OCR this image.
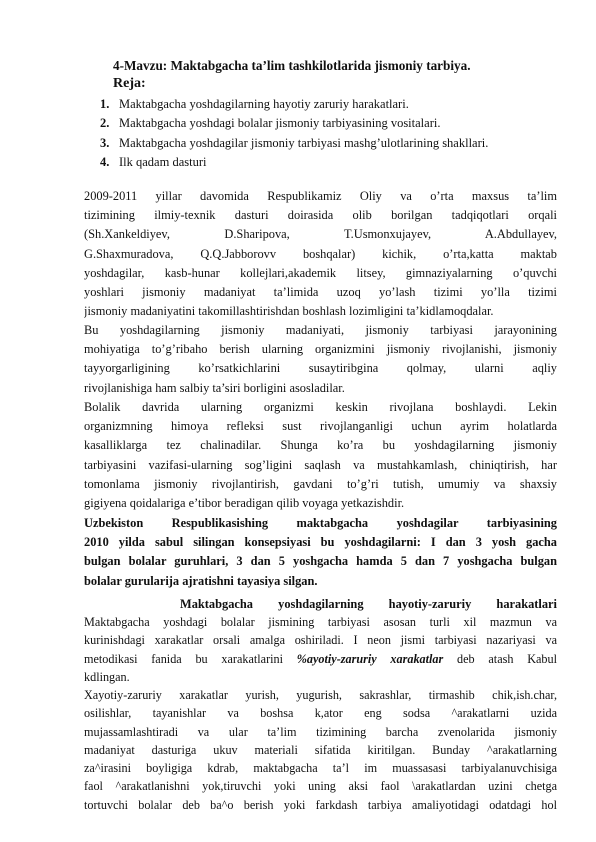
4-Mavzu: Maktabgacha ta’lim tashkilotlarida jismoniy tarbiya.
Reja:
1. Maktabgacha yoshdagilarning hayotiy zaruriy harakatlari.
2. Maktabgacha yoshdagi bolalar jismoniy tarbiyasining vositalari.
3. Maktabgacha yoshdagilar jismoniy tarbiyasi mashg’ulotlarining shakllari.
4. Ilk qadam dasturi
2009-2011 yillar davomida Respublikamiz Oliy va o’rta maxsus ta’lim
tizimining ilmiy-texnik dasturi doirasida olib borilgan tadqiqotlari orqali
(Sh.Xankeldiyev, D.Sharipova, T.Usmonxujayev, A.Abdullayev,
G.Shaxmuradova, Q.Q.Jabborovv boshqalar) kichik, o’rta,katta maktab
yoshdagilar, kasb-hunar kollejlari,akademik litsey, gimnaziyalarning o’quvchi
yoshlari jismoniy madaniyat ta’limida uzoq yo’lash tizimi yo’lla tizimi
jismoniy madaniyatini takomillashtirishdan boshlash lozimligini ta’kidlamoqdalar.
Bu yoshdagilarning jismoniy madaniyati, jismoniy tarbiyasi jarayonining
mohiyatiga to’g’ribaho berish ularning organizmini jismoniy rivojlanishi, jismoniy
tayyorgarligining ko’rsatkichlarini susaytiribgina qolmay, ularni aqliy
rivojlanishiga ham salbiy ta’siri borligini asosladilar.
Bolalik davrida ularning organizmi keskin rivojlana boshlaydi. Lekin
organizmning himoya refleksi sust rivojlanganligi uchun ayrim holatlarda
kasalliklarga tez chalinadilar. Shunga ko’ra bu yoshdagilarning jismoniy
tarbiyasini vazifasi-ularning sog’ligini saqlash va mustahkamlash, chiniqtirish, har
tomonlama jismoniy rivojlantirish, gavdani to’g’ri tutish, umumiy va shaxsiy
gigiyena qoidalariga e’tibor beradigan qilib voyaga yetkazishdir.
Uzbekiston Respublikasishing maktabgacha yoshdagilar tarbiyasining
2010 yilda sabul silingan konsepsiyasi bu yoshdagilarni: I dan 3 yosh gacha
bulgan bolalar guruhlari, 3 dan 5 yoshgacha hamda 5 dan 7 yoshgacha bulgan
bolalar gurularija ajratishni tayasiya silgan.
Maktabgacha yoshdagilarning hayotiy-zaruriy harakatlari
Maktabgacha yoshdagi bolalar jismining tarbiyasi asosan turli xil mazmun va
kurinishdagi xarakatlar orsali amalga oshiriladi. I neon jismi tarbiyasi nazariyasi va
metodikasi fanida bu xarakatlarini %ayotiy-zaruriy xarakatlar deb atash Kabul
kdlingan.
Xayotiy-zaruriy xarakatlar yurish, yugurish, sakrashlar, tirmashib chik,ish.char,
osilishlar, tayanishlar va boshsa k,ator eng sodsa ^arakatlarni uzida
mujassamlashtiradi va ular ta’lim tizimining barcha zvenolarida jismoniy
madaniyat dasturiga ukuv materiali sifatida kiritilgan. Bunday ^arakatlarning
za^irasini boyligiga kdrab, maktabgacha ta’l im muassasasi tarbiyalanuvchisiga
faol ^arakatlanishni yok,tiruvchi yoki uning aksi faol \arakatlardan uzini chetga
tortuvchi bolalar deb ba^o berish yoki farkdash tarbiya amaliyotidagi odatdagi hol
